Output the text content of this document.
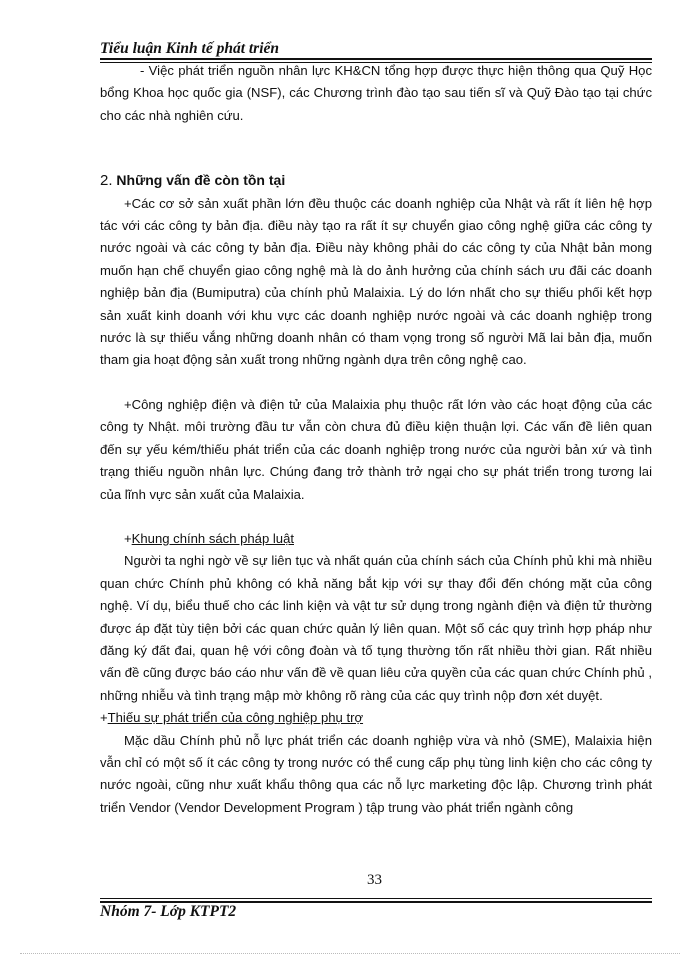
Tiểu luận Kinh tế phát triển

- Việc phát triển nguồn nhân lực KH&CN tổng hợp được thực hiện thông qua Quỹ Học bổng Khoa học quốc gia (NSF), các Chương trình đào tạo sau tiến sĩ và Quỹ Đào tạo tại chức cho các nhà nghiên cứu.

2. Những vấn đề còn tồn tại

+Các cơ sở sản xuất phần lớn đều thuộc các doanh nghiệp của Nhật và rất ít liên hệ hợp tác với các công ty bản địa. điều này tạo ra rất ít sự chuyển giao công nghệ giữa các công ty nước ngoài và các công ty bản địa. Điều này không phải do các công ty của Nhật bản mong muốn hạn chế chuyển giao công nghệ mà là do ảnh hưởng của chính sách ưu đãi các doanh nghiệp bản địa (Bumiputra) của chính phủ Malaixia. Lý do lớn nhất cho sự thiếu phối kết hợp sản xuất kinh doanh với khu vực các doanh nghiệp nước ngoài và các doanh nghiệp trong nước là sự thiếu vắng những doanh nhân có tham vọng trong số người Mã lai bản địa, muốn tham gia hoạt động sản xuất trong những ngành dựa trên công nghệ cao.

+Công nghiệp điện và điện tử của Malaixia phụ thuộc rất lớn vào các hoạt động của các công ty Nhật. môi trường đầu tư vẫn còn chưa đủ điều kiện thuận lợi. Các vấn đề liên quan đến sự yếu kém/thiếu phát triển của các doanh nghiệp trong nước của người bản xứ và tình trạng thiếu nguồn nhân lực. Chúng đang trở thành trở ngại cho sự phát triển trong tương lai của lĩnh vực sản xuất của Malaixia.

+Khung chính sách pháp luật

Người ta nghi ngờ về sự liên tục và nhất quán của chính sách của Chính phủ khi mà nhiều quan chức Chính phủ không có khả năng bắt kịp với sự thay đổi đến chóng mặt của công nghệ. Ví dụ, biểu thuế cho các linh kiện và vật tư sử dụng trong ngành điện và điện tử thường được áp đặt tùy tiện bởi các quan chức quản lý liên quan. Một số các quy trình hợp pháp như đăng ký đất đai, quan hệ với công đoàn và tố tụng thường tốn rất nhiều thời gian. Rất nhiều vấn đề cũng được báo cáo như vấn đề về quan liêu cửa quyền của các quan chức Chính phủ , những nhiễu và tình trạng mập mờ không rõ ràng của các quy trình nộp đơn xét duyệt.

+Thiếu sự phát triển của công nghiệp phụ trợ

Mặc dầu Chính phủ nỗ lực phát triển các doanh nghiệp vừa và nhỏ (SME), Malaixia hiện vẫn chỉ có một số ít các công ty trong nước có thể cung cấp phụ tùng linh kiện cho các công ty nước ngoài, cũng như xuất khẩu thông qua các nỗ lực marketing độc lập. Chương trình phát triển Vendor (Vendor Development Program ) tập trung vào phát triển ngành công

33
Nhóm 7- Lớp KTPT2
